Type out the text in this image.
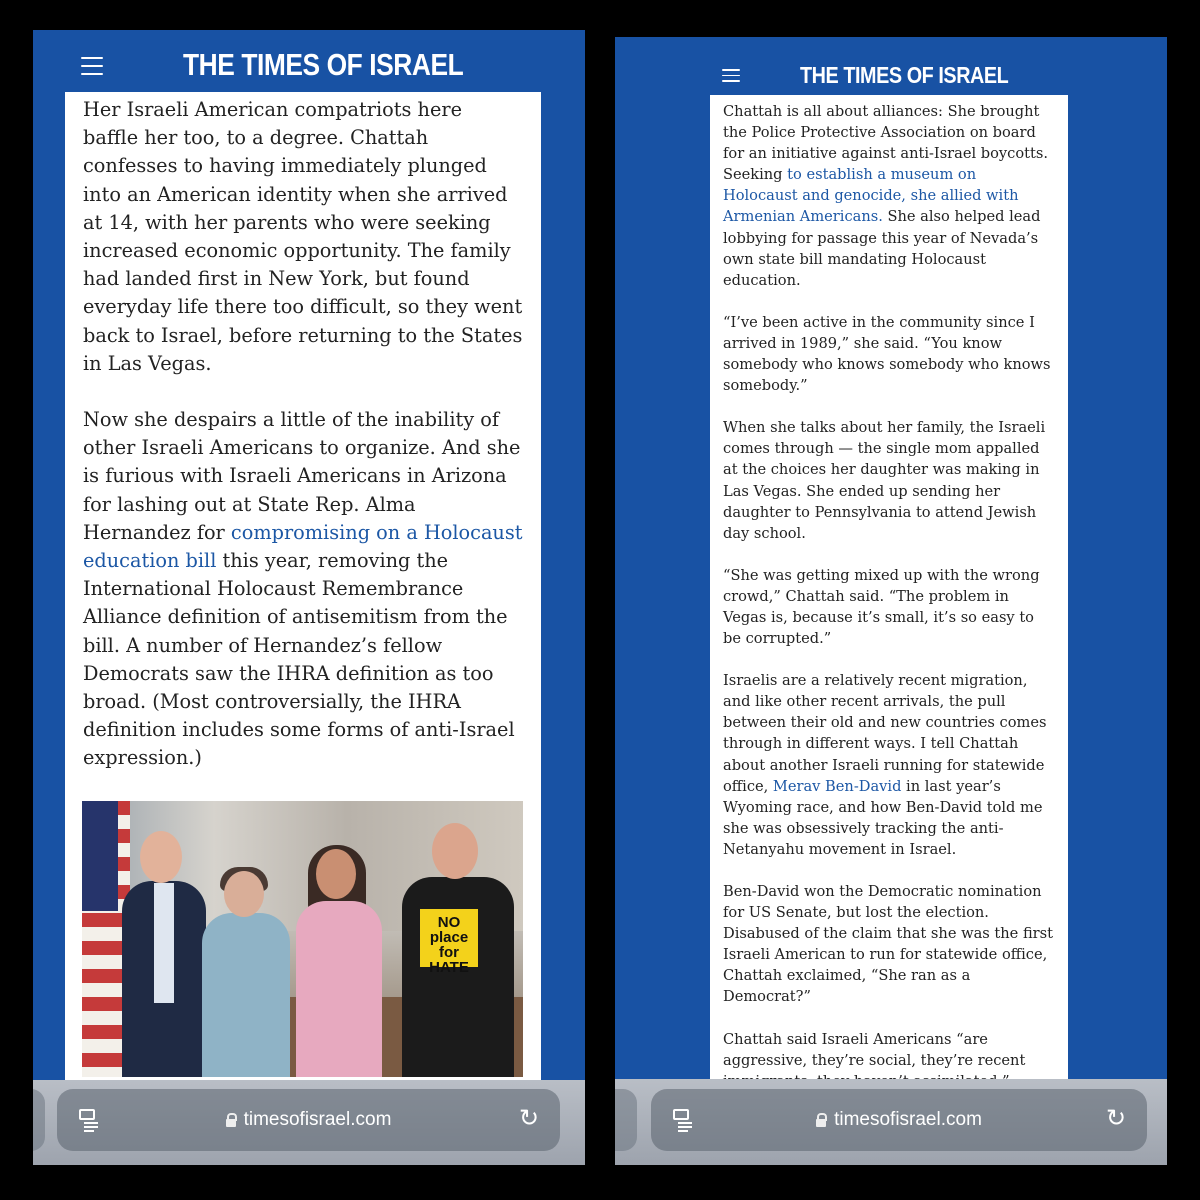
THE TIMES OF ISRAEL

Her Israeli American compatriots here baffle her too, to a degree. Chattah confesses to having immediately plunged into an American identity when she arrived at 14, with her parents who were seeking increased economic opportunity. The family had landed first in New York, but found everyday life there too difficult, so they went back to Israel, before returning to the States in Las Vegas.

Now she despairs a little of the inability of other Israeli Americans to organize. And she is furious with Israeli Americans in Arizona for lashing out at State Rep. Alma Hernandez for compromising on a Holocaust education bill this year, removing the International Holocaust Remembrance Alliance definition of antisemitism from the bill. A number of Hernandez’s fellow Democrats saw the IHRA definition as too broad. (Most controversially, the IHRA definition includes some forms of anti-Israel expression.)

NO place for HATE
timesofisrael.com	↻
THE TIMES OF ISRAEL

Chattah is all about alliances: She brought the Police Protective Association on board for an initiative against anti-Israel boycotts. Seeking to establish a museum on Holocaust and genocide, she allied with Armenian Americans. She also helped lead lobbying for passage this year of Nevada’s own state bill mandating Holocaust education.

“I’ve been active in the community since I arrived in 1989,” she said. “You know somebody who knows somebody who knows somebody.”

When she talks about her family, the Israeli comes through — the single mom appalled at the choices her daughter was making in Las Vegas. She ended up sending her daughter to Pennsylvania to attend Jewish day school.

“She was getting mixed up with the wrong crowd,” Chattah said. “The problem in Vegas is, because it’s small, it’s so easy to be corrupted.”

Israelis are a relatively recent migration, and like other recent arrivals, the pull between their old and new countries comes through in different ways. I tell Chattah about another Israeli running for statewide office, Merav Ben-David in last year’s Wyoming race, and how Ben-David told me she was obsessively tracking the anti-Netanyahu movement in Israel.

Ben-David won the Democratic nomination for US Senate, but lost the election. Disabused of the claim that she was the first Israeli American to run for statewide office, Chattah exclaimed, “She ran as a Democrat?”

Chattah said Israeli Americans “are aggressive, they’re social, they’re recent

timesofisrael.com	↻
